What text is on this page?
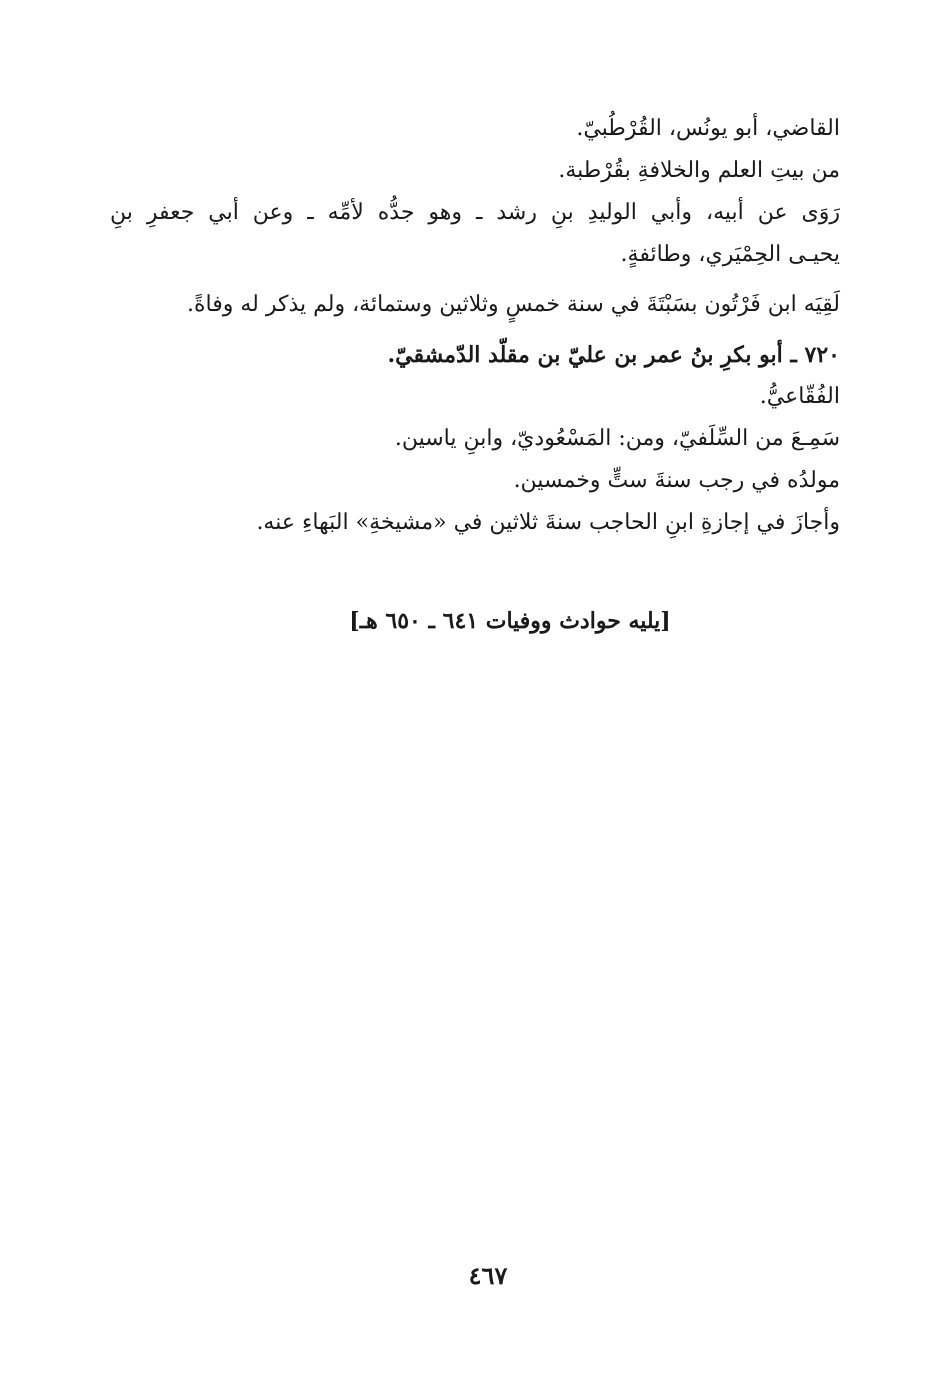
القاضي، أبو يونُس، القُرْطُبيّ.
من بيتِ العلم والخلافةِ بقُرْطبة.
رَوَى عن أبيه، وأبي الوليدِ بنِ رشد ـ وهو جدُّه لأمِّه ـ وعن أبي جعفرِ بنِ
يحيـى الحِمْيَري، وطائفةٍ.
لَقِيَه ابن فَرْتُون بسَبْتَةَ في سنة خمسٍ وثلاثين وستمائة، ولم يذكر له وفاةً.
٧٢٠ ـ أبو بكرِ بنُ عمر بن عليّ بن مقلّد الدّمشقيّ.
الفُقّاعيُّ.
سَمِـعَ من السِّلَفيّ، ومن: المَسْعُوديّ، وابنِ ياسين.
مولدُه في رجب سنةَ ستٍّ وخمسين.
وأجازَ في إجازةِ ابنِ الحاجب سنةَ ثلاثين في «مشيخةِ» البَهاءِ عنه.
[يليه حوادث ووفيات ٦٤١ ـ ٦٥٠ هـ]
٤٦٧
